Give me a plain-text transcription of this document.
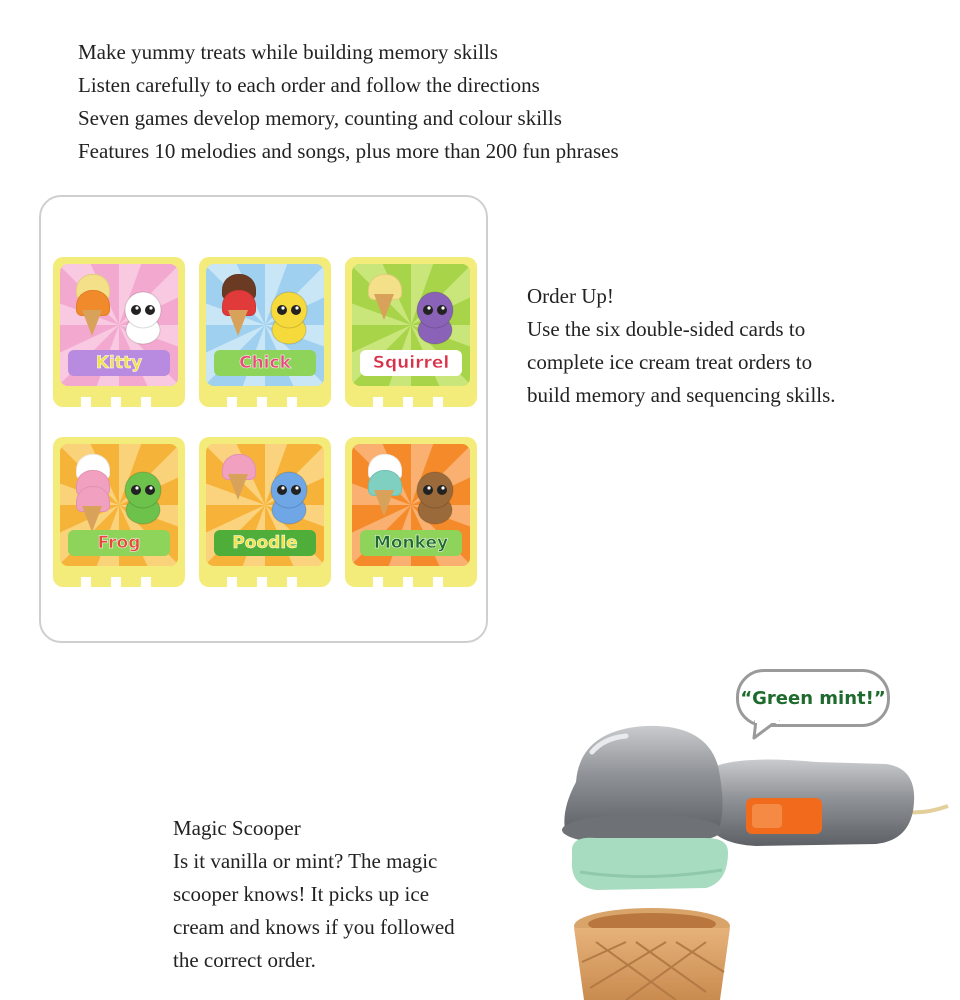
Make yummy treats while building memory skills
Listen carefully to each order and follow the directions
Seven games develop memory, counting and colour skills
Features 10 melodies and songs, plus more than 200 fun phrases
Kitty	Chick	Squirrel
Frog	Poodle	Monkey
Order Up!
Use the six double-sided cards to complete ice cream treat orders to build memory and sequencing skills.
Magic Scooper
Is it vanilla or mint? The magic scooper knows! It picks up ice cream and knows if you followed the correct order.
“Green mint!”
